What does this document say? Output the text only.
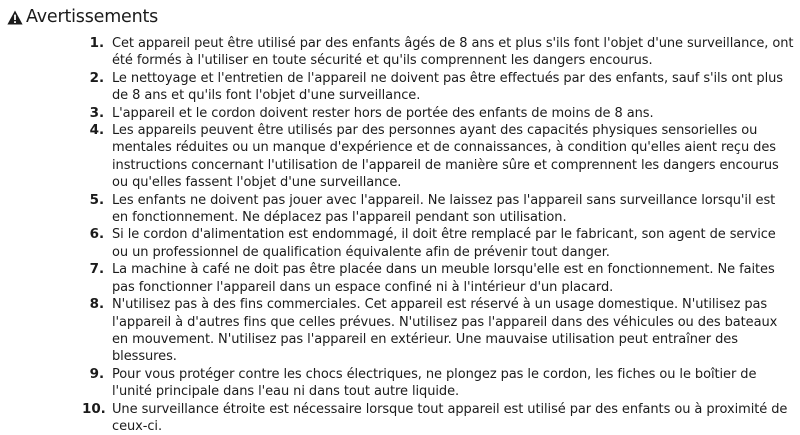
Avertissements
1. Cet appareil peut être utilisé par des enfants âgés de 8 ans et plus s'ils font l'objet d'une surveillance, ont été formés à l'utiliser en toute sécurité et qu'ils comprennent les dangers encourus.
2. Le nettoyage et l'entretien de l'appareil ne doivent pas être effectués par des enfants, sauf s'ils ont plus de 8 ans et qu'ils font l'objet d'une surveillance.
3. L'appareil et le cordon doivent rester hors de portée des enfants de moins de 8 ans.
4. Les appareils peuvent être utilisés par des personnes ayant des capacités physiques sensorielles ou mentales réduites ou un manque d'expérience et de connaissances, à condition qu'elles aient reçu des instructions concernant l'utilisation de l'appareil de manière sûre et comprennent les dangers encourus ou qu'elles fassent l'objet d'une surveillance.
5. Les enfants ne doivent pas jouer avec l'appareil. Ne laissez pas l'appareil sans surveillance lorsqu'il est en fonctionnement. Ne déplacez pas l'appareil pendant son utilisation.
6. Si le cordon d'alimentation est endommagé, il doit être remplacé par le fabricant, son agent de service ou un professionnel de qualification équivalente afin de prévenir tout danger.
7. La machine à café ne doit pas être placée dans un meuble lorsqu'elle est en fonctionnement. Ne faites pas fonctionner l'appareil dans un espace confiné ni à l'intérieur d'un placard.
8. N'utilisez pas à des fins commerciales. Cet appareil est réservé à un usage domestique. N'utilisez pas l'appareil à d'autres fins que celles prévues. N'utilisez pas l'appareil dans des véhicules ou des bateaux en mouvement. N'utilisez pas l'appareil en extérieur. Une mauvaise utilisation peut entraîner des blessures.
9. Pour vous protéger contre les chocs électriques, ne plongez pas le cordon, les fiches ou le boîtier de l'unité principale dans l'eau ni dans tout autre liquide.
10. Une surveillance étroite est nécessaire lorsque tout appareil est utilisé par des enfants ou à proximité de ceux-ci.
